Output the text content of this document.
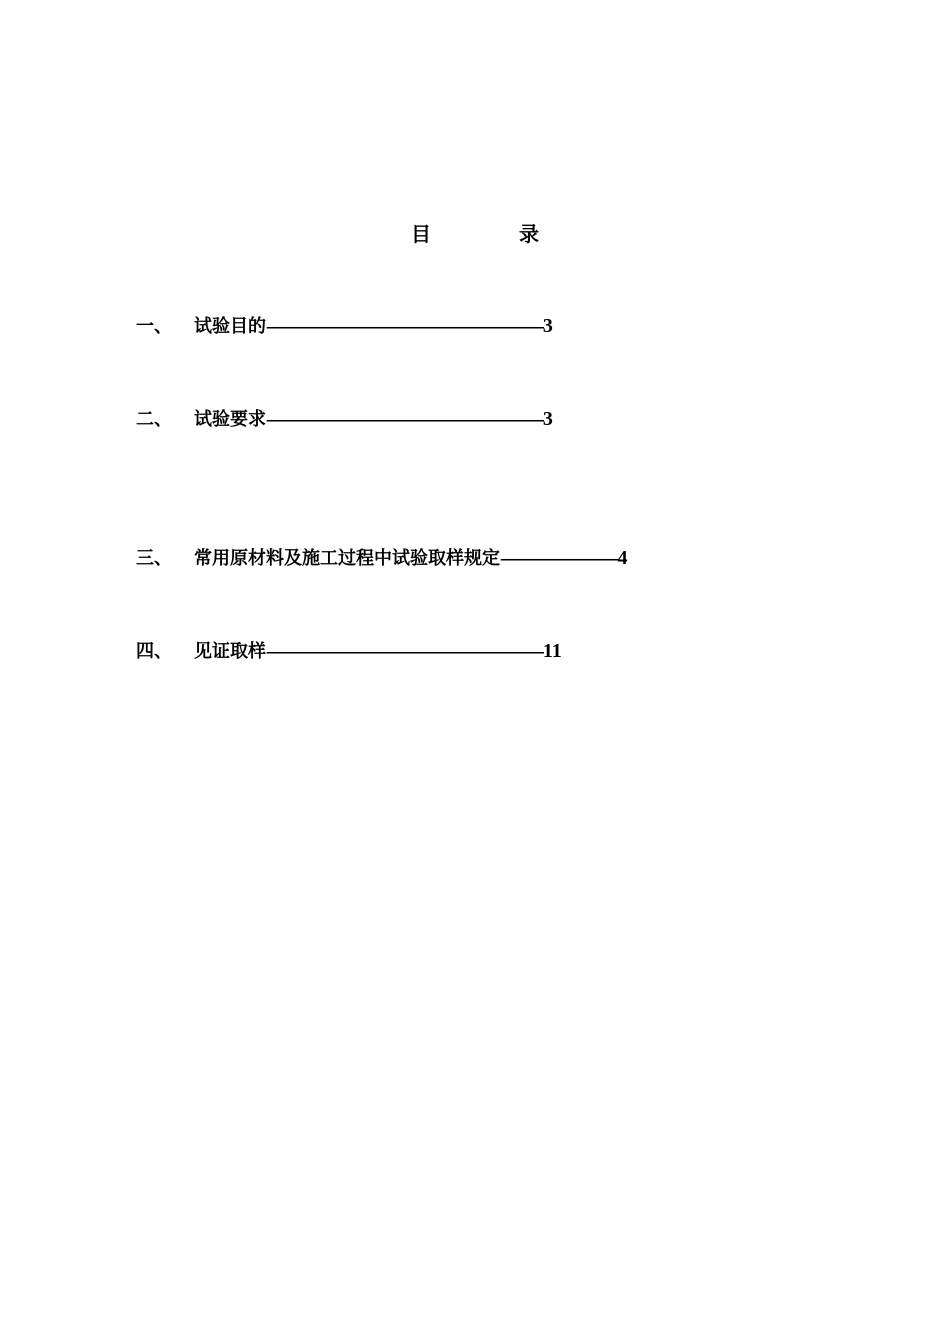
目　录
一、 试验目的------------------------------------------------------------------3
二、 试验要求------------------------------------------------------------------3
三、 常用原材料及施工过程中试验取样规定----------------------------4
四、 见证取样------------------------------------------------------------------11
